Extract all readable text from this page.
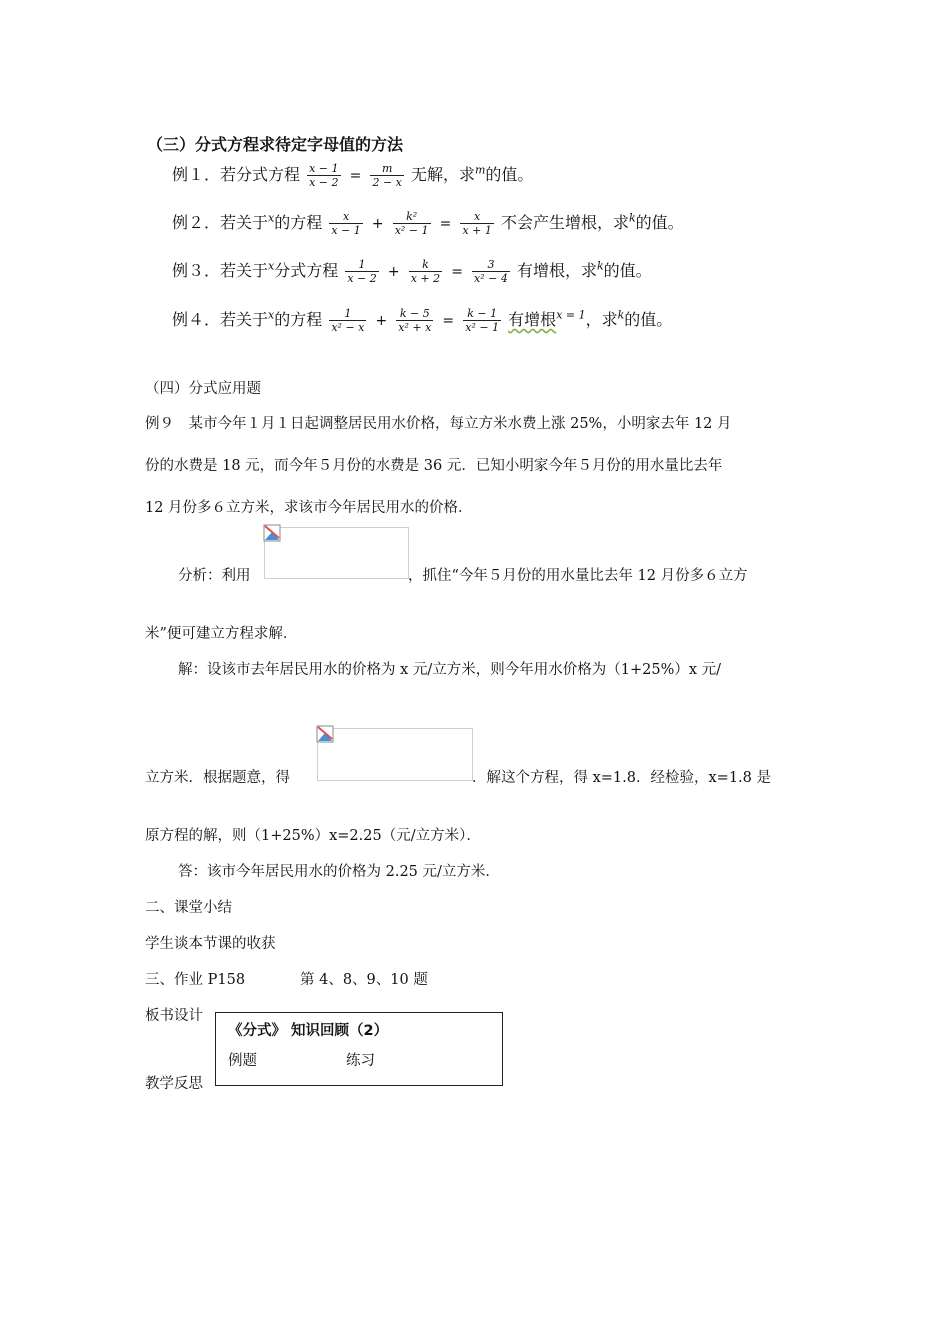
（三）分式方程求待定字母值的方法
例１．若分式方程 $\frac{x - 1}{x - 2} = \frac{m}{2 - x}$ 无解，求$^m$的值。
例２．若关于$^x$的方程 $\frac{x}{x - 1} + \frac{\text{k²}}{\text{x² − 1}} = \frac{x}{x + 1}$ 不会产生增根，求$^k$的值。
例３．若关于$^x$分式方程 $\frac{1}{x - 2} + \frac{k}{x + 2} = \frac{3}{\text{x² − 4}}$ 有增根，求$^k$的值。
例４．若关于$^x$的方程 $\frac{1}{\text{x² − x}} + \frac{k - 5}{\text{x² + x}} = \frac{k - 1}{\text{x² − 1}}$ 有增根$^{x = 1}$，求$^k$的值。
（四）分式应用题
例９　某市今年１月１日起调整居民用水价格，每立方米水费上涨 25%，小明家去年 12 月
份的水费是 18 元，而今年５月份的水费是 36 元．已知小明家今年５月份的用水量比去年
12 月份多６立方米，求该市今年居民用水的价格．
分析：利用	，抓住“今年５月份的用水量比去年 12 月份多６立方
米”便可建立方程求解．
解：设该市去年居民用水的价格为 x 元/立方米，则今年用水价格为（1+25%）x 元/
立方米．根据题意，得	．解这个方程，得 x=1.8．经检验，x=1.8 是
原方程的解，则（1+25%）x=2.25（元/立方米）．
答：该市今年居民用水的价格为 2.25 元/立方米．
二、课堂小结
学生谈本节课的收获
三、作业 P158	第 4、8、9、10 题
板书设计
《分式》 知识回顾（2）
例题	练习
教学反思
